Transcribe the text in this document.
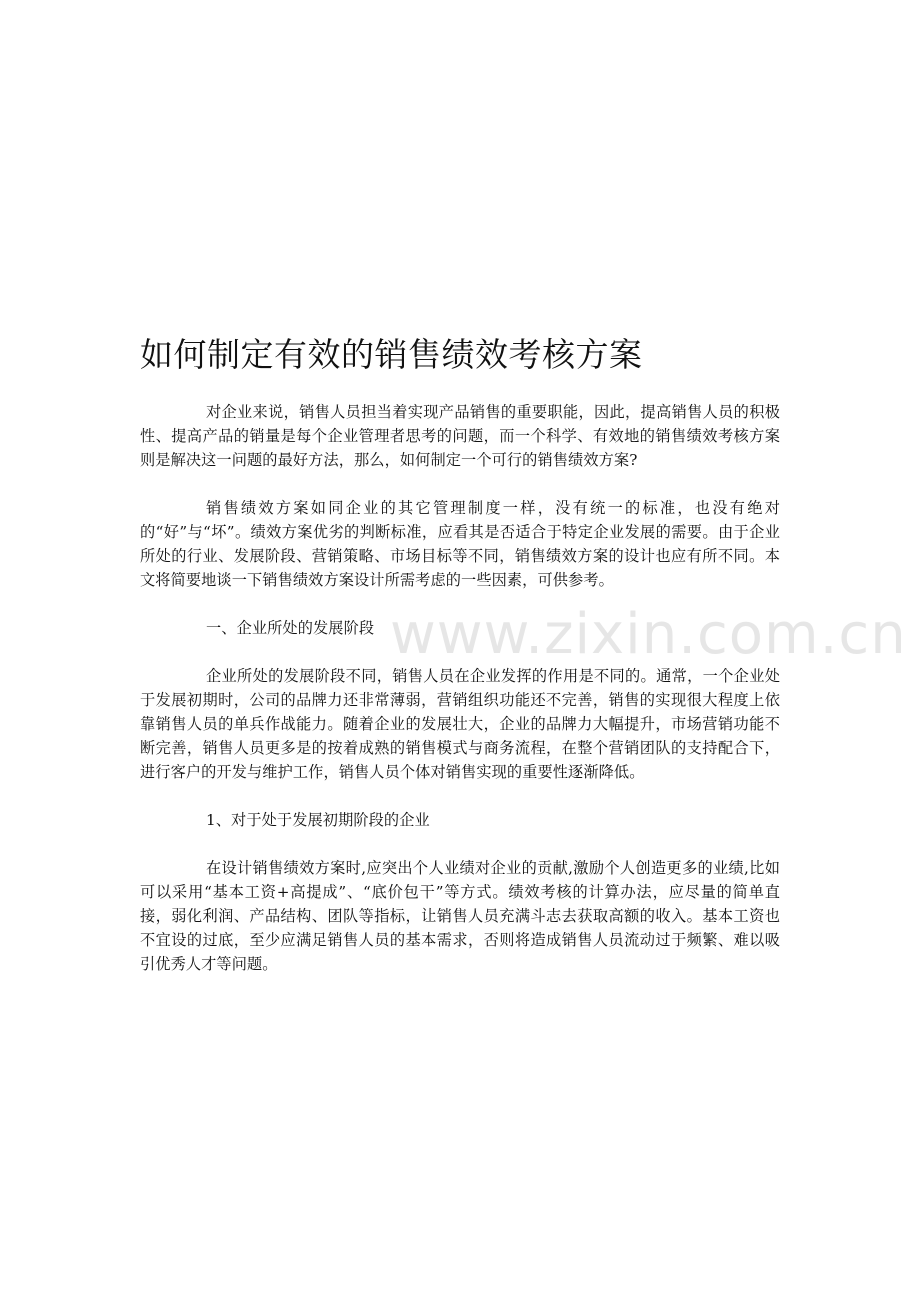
如何制定有效的销售绩效考核方案

对企业来说，销售人员担当着实现产品销售的重要职能，因此，提高销售人员的积极性、提高产品的销量是每个企业管理者思考的问题，而一个科学、有效地的销售绩效考核方案则是解决这一问题的最好方法，那么，如何制定一个可行的销售绩效方案?

销售绩效方案如同企业的其它管理制度一样，没有统一的标准，也没有绝对的“好”与“坏”。绩效方案优劣的判断标准，应看其是否适合于特定企业发展的需要。由于企业所处的行业、发展阶段、营销策略、市场目标等不同，销售绩效方案的设计也应有所不同。本文将简要地谈一下销售绩效方案设计所需考虑的一些因素，可供参考。

一、企业所处的发展阶段

企业所处的发展阶段不同，销售人员在企业发挥的作用是不同的。通常，一个企业处于发展初期时，公司的品牌力还非常薄弱，营销组织功能还不完善，销售的实现很大程度上依靠销售人员的单兵作战能力。随着企业的发展壮大，企业的品牌力大幅提升，市场营销功能不断完善，销售人员更多是的按着成熟的销售模式与商务流程，在整个营销团队的支持配合下，进行客户的开发与维护工作，销售人员个体对销售实现的重要性逐渐降低。

1、对于处于发展初期阶段的企业

在设计销售绩效方案时,应突出个人业绩对企业的贡献,激励个人创造更多的业绩,比如可以采用“基本工资+高提成”、“底价包干”等方式。绩效考核的计算办法，应尽量的简单直接，弱化利润、产品结构、团队等指标，让销售人员充满斗志去获取高额的收入。基本工资也不宜设的过底，至少应满足销售人员的基本需求，否则将造成销售人员流动过于频繁、难以吸引优秀人才等问题。

www.zixin.com.cn
